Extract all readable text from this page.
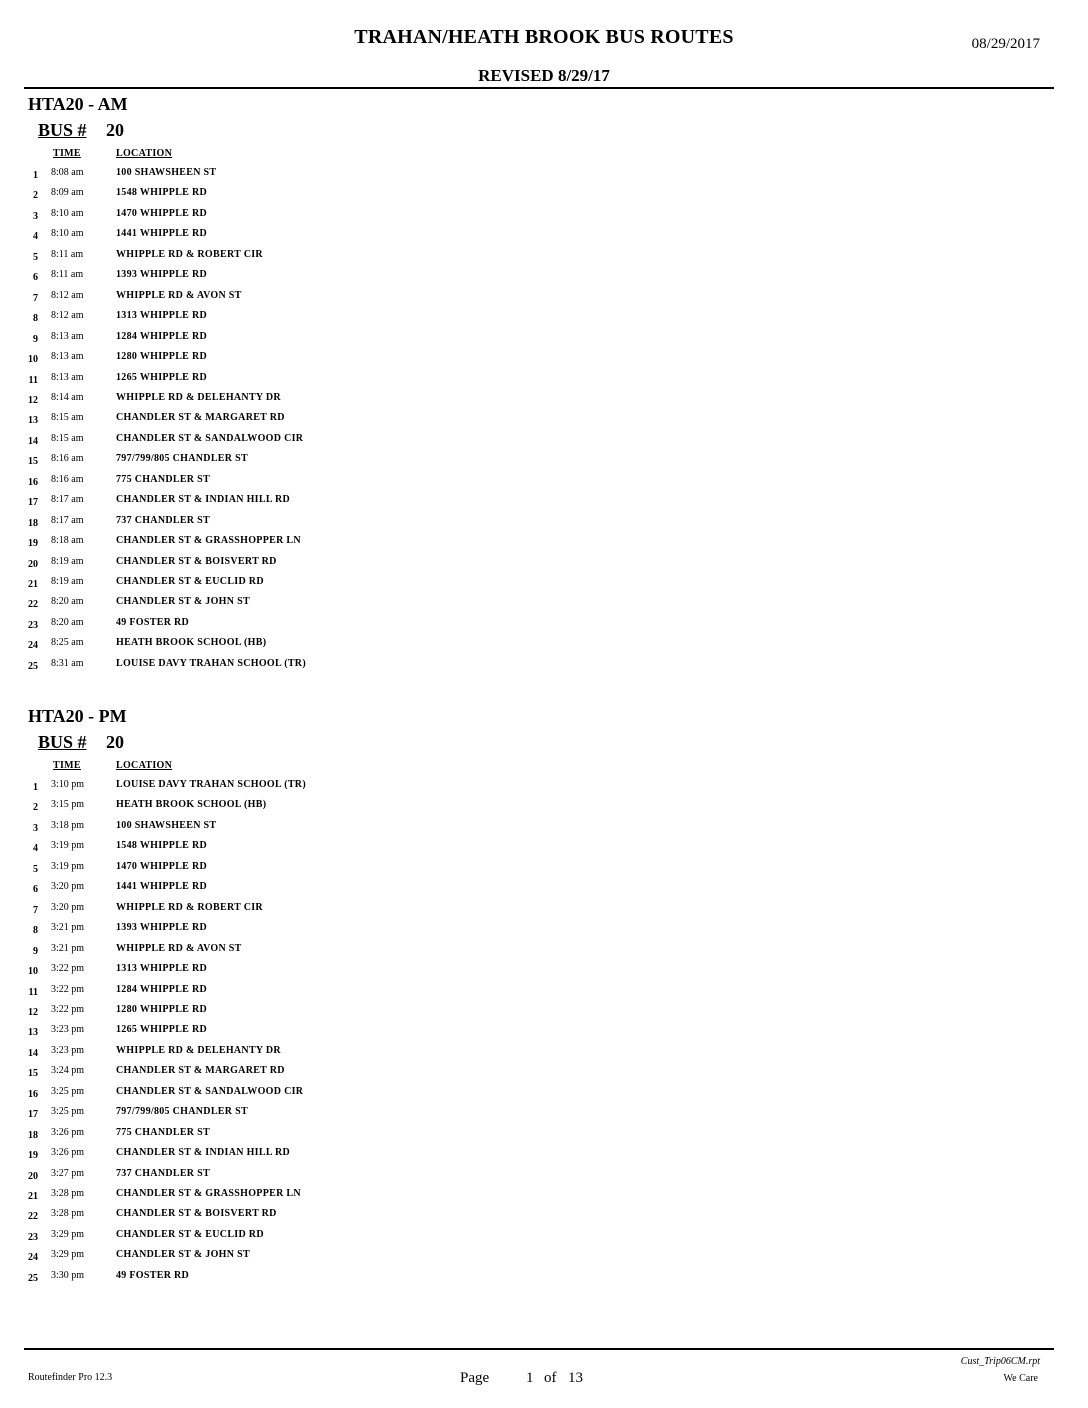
TRAHAN/HEATH BROOK BUS ROUTES	08/29/2017
REVISED 8/29/17
HTA20 - AM
BUS # 20
TIME	LOCATION
1 8:08 am	100 SHAWSHEEN ST
2 8:09 am	1548 WHIPPLE RD
3 8:10 am	1470 WHIPPLE RD
4 8:10 am	1441 WHIPPLE RD
5 8:11 am	WHIPPLE RD & ROBERT CIR
6 8:11 am	1393 WHIPPLE RD
7 8:12 am	WHIPPLE RD & AVON ST
8 8:12 am	1313 WHIPPLE RD
9 8:13 am	1284 WHIPPLE RD
10 8:13 am	1280 WHIPPLE RD
11 8:13 am	1265 WHIPPLE RD
12 8:14 am	WHIPPLE RD & DELEHANTY DR
13 8:15 am	CHANDLER ST & MARGARET RD
14 8:15 am	CHANDLER ST & SANDALWOOD CIR
15 8:16 am	797/799/805 CHANDLER ST
16 8:16 am	775 CHANDLER ST
17 8:17 am	CHANDLER ST & INDIAN HILL RD
18 8:17 am	737 CHANDLER ST
19 8:18 am	CHANDLER ST & GRASSHOPPER LN
20 8:19 am	CHANDLER ST & BOISVERT RD
21 8:19 am	CHANDLER ST & EUCLID RD
22 8:20 am	CHANDLER ST & JOHN ST
23 8:20 am	49 FOSTER RD
24 8:25 am	HEATH BROOK SCHOOL (HB)
25 8:31 am	LOUISE DAVY TRAHAN SCHOOL (TR)
HTA20 - PM
BUS # 20
TIME	LOCATION
1 3:10 pm	LOUISE DAVY TRAHAN SCHOOL (TR)
2 3:15 pm	HEATH BROOK SCHOOL (HB)
3 3:18 pm	100 SHAWSHEEN ST
4 3:19 pm	1548 WHIPPLE RD
5 3:19 pm	1470 WHIPPLE RD
6 3:20 pm	1441 WHIPPLE RD
7 3:20 pm	WHIPPLE RD & ROBERT CIR
8 3:21 pm	1393 WHIPPLE RD
9 3:21 pm	WHIPPLE RD & AVON ST
10 3:22 pm	1313 WHIPPLE RD
11 3:22 pm	1284 WHIPPLE RD
12 3:22 pm	1280 WHIPPLE RD
13 3:23 pm	1265 WHIPPLE RD
14 3:23 pm	WHIPPLE RD & DELEHANTY DR
15 3:24 pm	CHANDLER ST & MARGARET RD
16 3:25 pm	CHANDLER ST & SANDALWOOD CIR
17 3:25 pm	797/799/805 CHANDLER ST
18 3:26 pm	775 CHANDLER ST
19 3:26 pm	CHANDLER ST & INDIAN HILL RD
20 3:27 pm	737 CHANDLER ST
21 3:28 pm	CHANDLER ST & GRASSHOPPER LN
22 3:28 pm	CHANDLER ST & BOISVERT RD
23 3:29 pm	CHANDLER ST & EUCLID RD
24 3:29 pm	CHANDLER ST & JOHN ST
25 3:30 pm	49 FOSTER RD
Routefinder Pro 12.3	Page 1 of 13
Cust_Trip06CM.rpt
We Care
